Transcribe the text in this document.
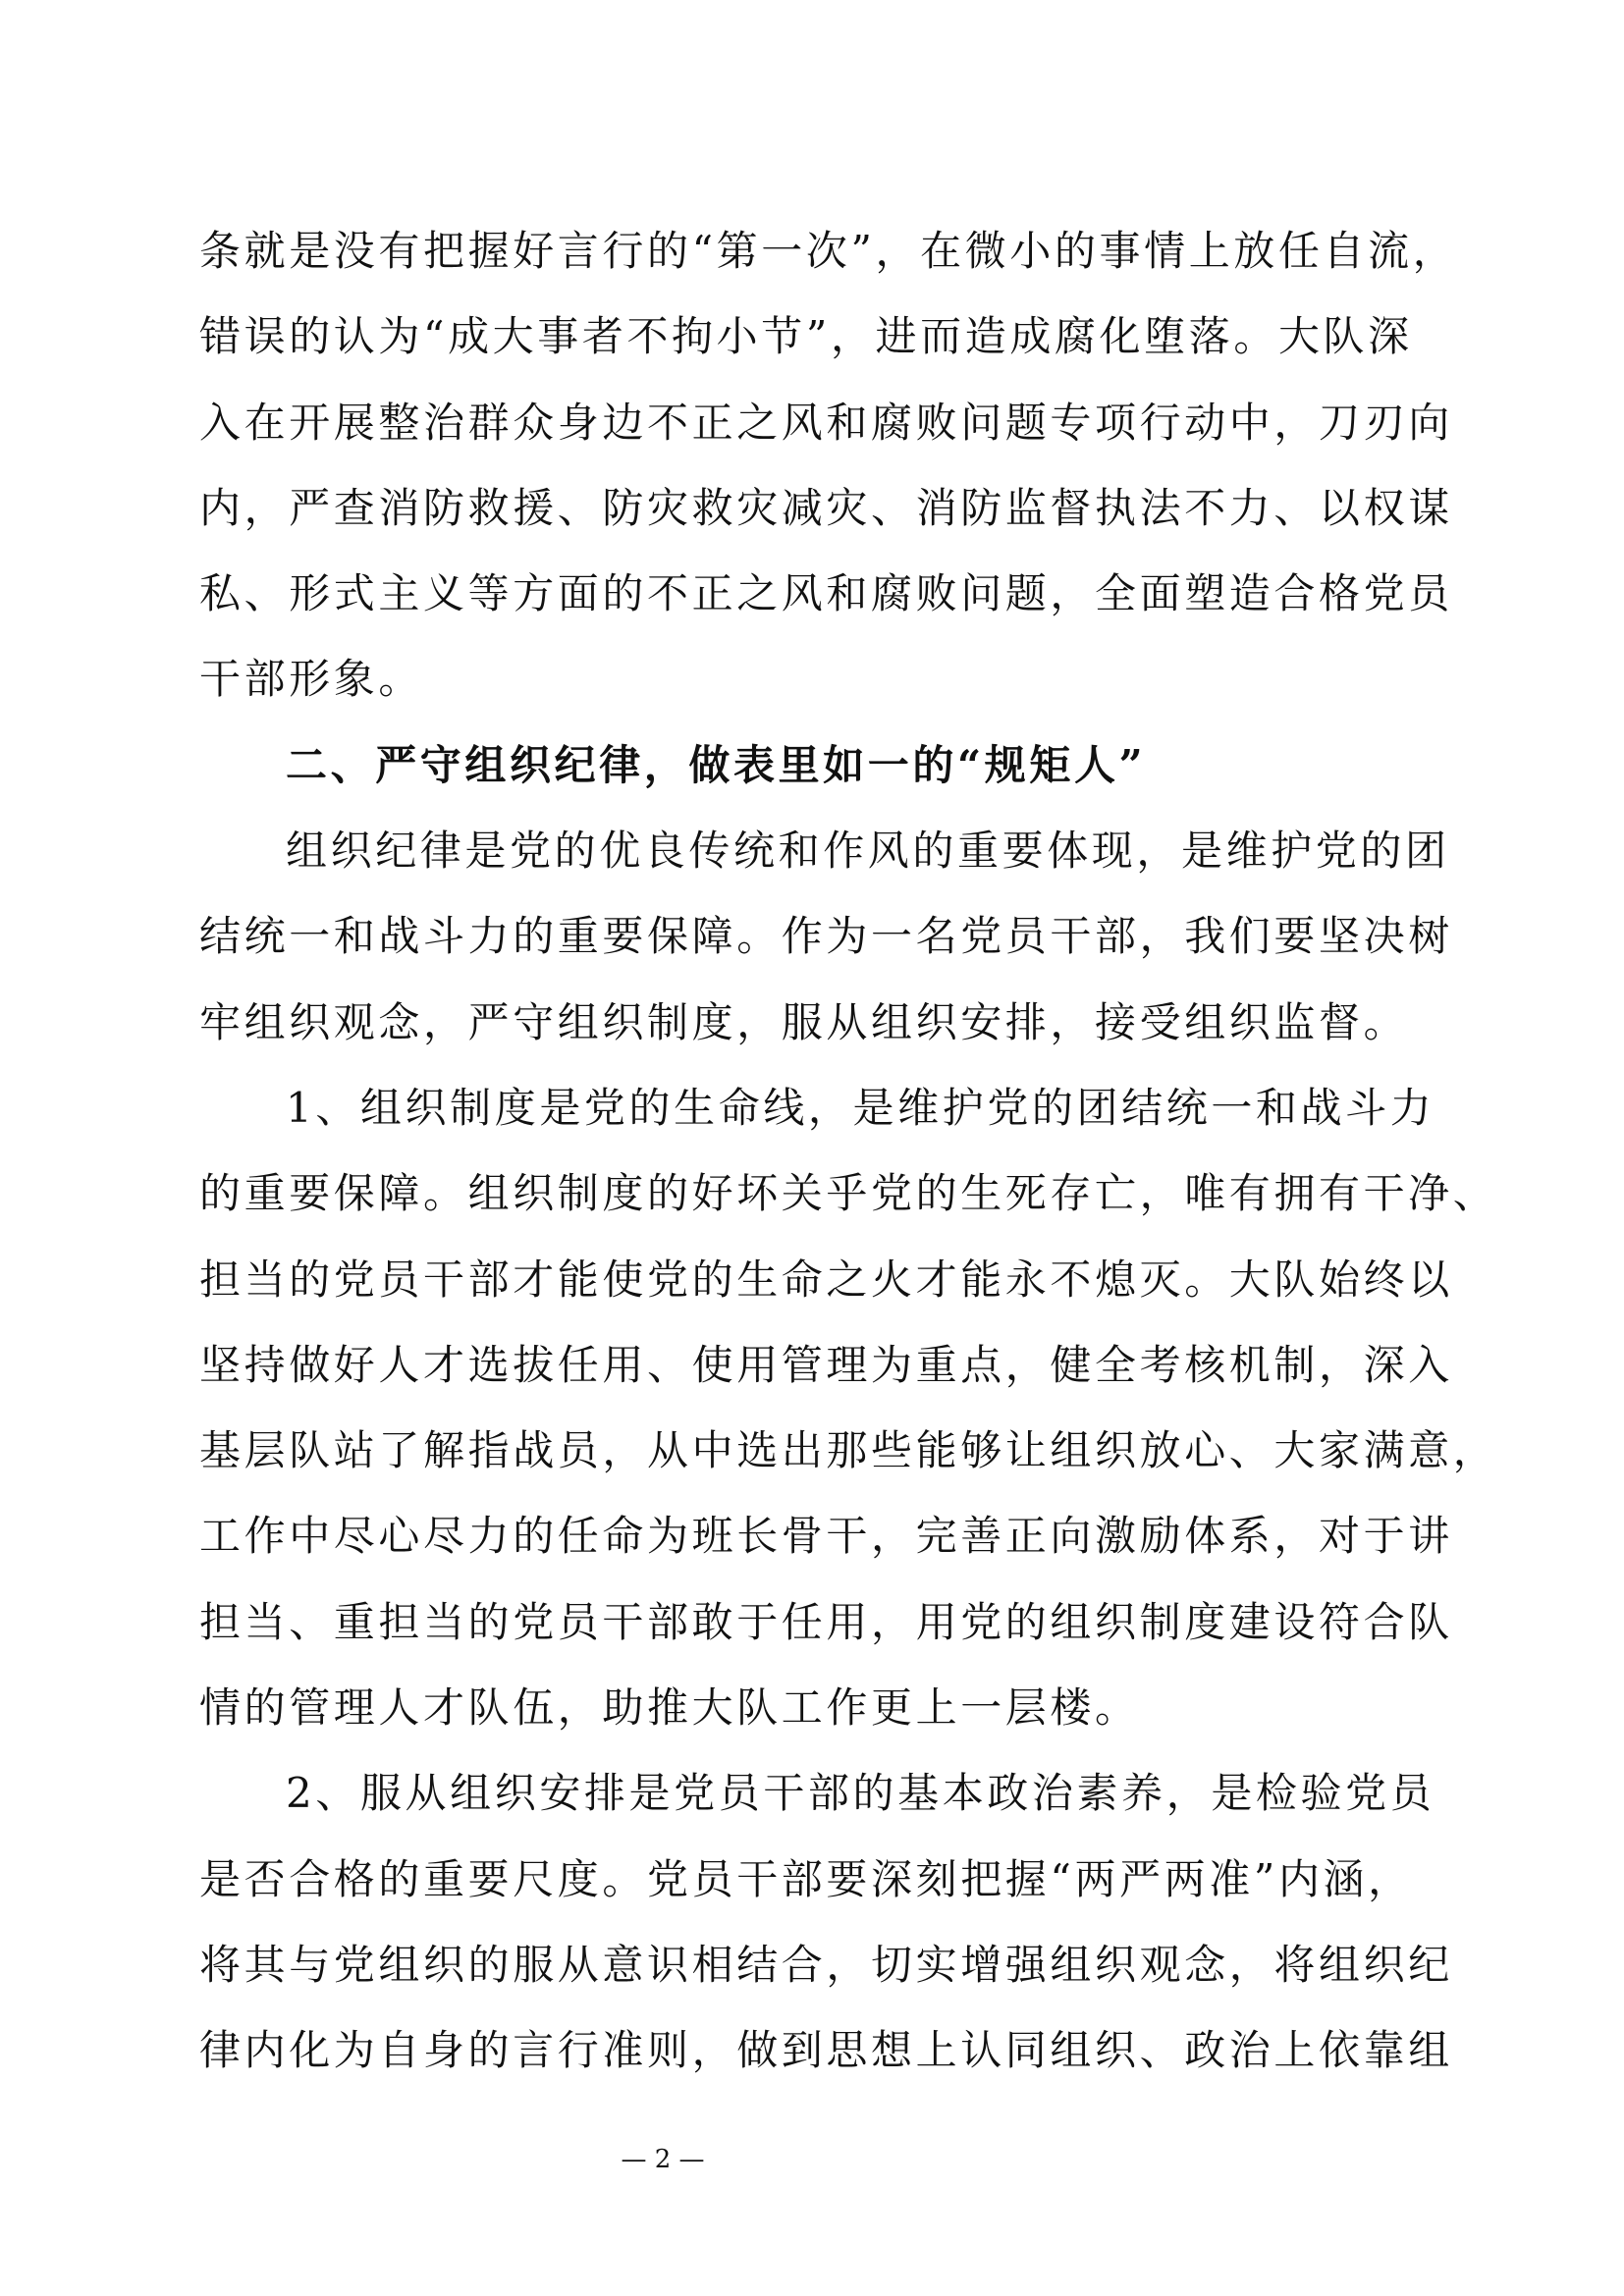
条就是没有把握好言行的“第一次”，在微小的事情上放任自流，
错误的认为“成大事者不拘小节”，进而造成腐化堕落。大队深
入在开展整治群众身边不正之风和腐败问题专项行动中，刀刃向
内，严查消防救援、防灾救灾减灾、消防监督执法不力、以权谋
私、形式主义等方面的不正之风和腐败问题，全面塑造合格党员
干部形象。
二、严守组织纪律，做表里如一的“规矩人”
组织纪律是党的优良传统和作风的重要体现，是维护党的团
结统一和战斗力的重要保障。作为一名党员干部，我们要坚决树
牢组织观念，严守组织制度，服从组织安排，接受组织监督。
1、组织制度是党的生命线，是维护党的团结统一和战斗力
的重要保障。组织制度的好坏关乎党的生死存亡，唯有拥有干净、
担当的党员干部才能使党的生命之火才能永不熄灭。大队始终以
坚持做好人才选拔任用、使用管理为重点，健全考核机制，深入
基层队站了解指战员，从中选出那些能够让组织放心、大家满意，
工作中尽心尽力的任命为班长骨干，完善正向激励体系，对于讲
担当、重担当的党员干部敢于任用，用党的组织制度建设符合队
情的管理人才队伍，助推大队工作更上一层楼。
2、服从组织安排是党员干部的基本政治素养，是检验党员
是否合格的重要尺度。党员干部要深刻把握“两严两准”内涵，
将其与党组织的服从意识相结合，切实增强组织观念，将组织纪
律内化为自身的言行准则，做到思想上认同组织、政治上依靠组
— 2 —
